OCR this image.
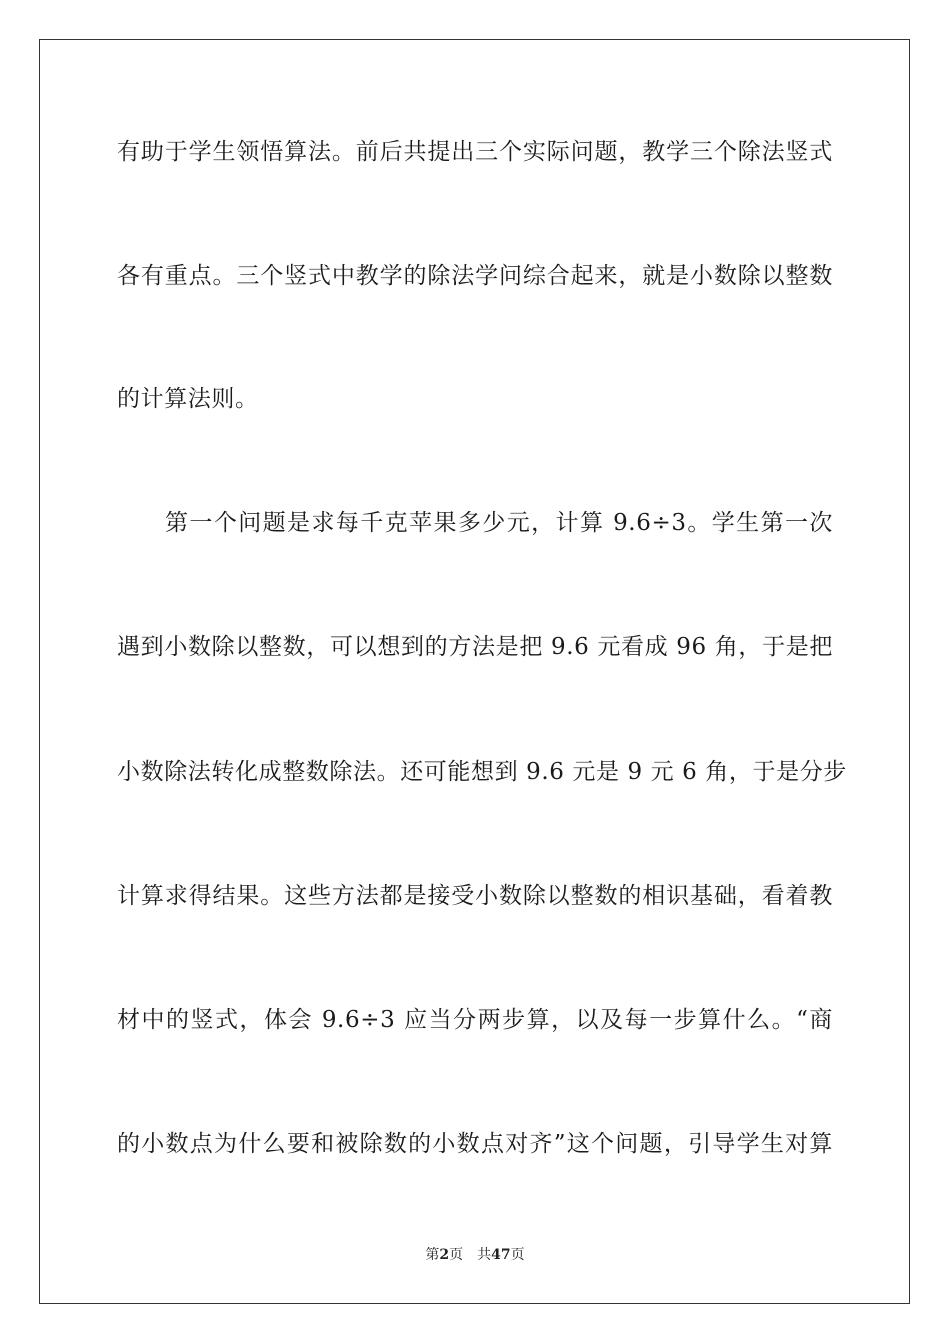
有助于学生领悟算法。前后共提出三个实际问题，教学三个除法竖式
各有重点。三个竖式中教学的除法学问综合起来，就是小数除以整数
的计算法则。
第一个问题是求每千克苹果多少元，计算 9.6÷3。学生第一次
遇到小数除以整数，可以想到的方法是把 9.6 元看成 96 角，于是把
小数除法转化成整数除法。还可能想到 9.6 元是 9 元 6 角，于是分步
计算求得结果。这些方法都是接受小数除以整数的相识基础，看着教
材中的竖式，体会 9.6÷3 应当分两步算，以及每一步算什么。“商
的小数点为什么要和被除数的小数点对齐”这个问题，引导学生对算
第2页 共47页
